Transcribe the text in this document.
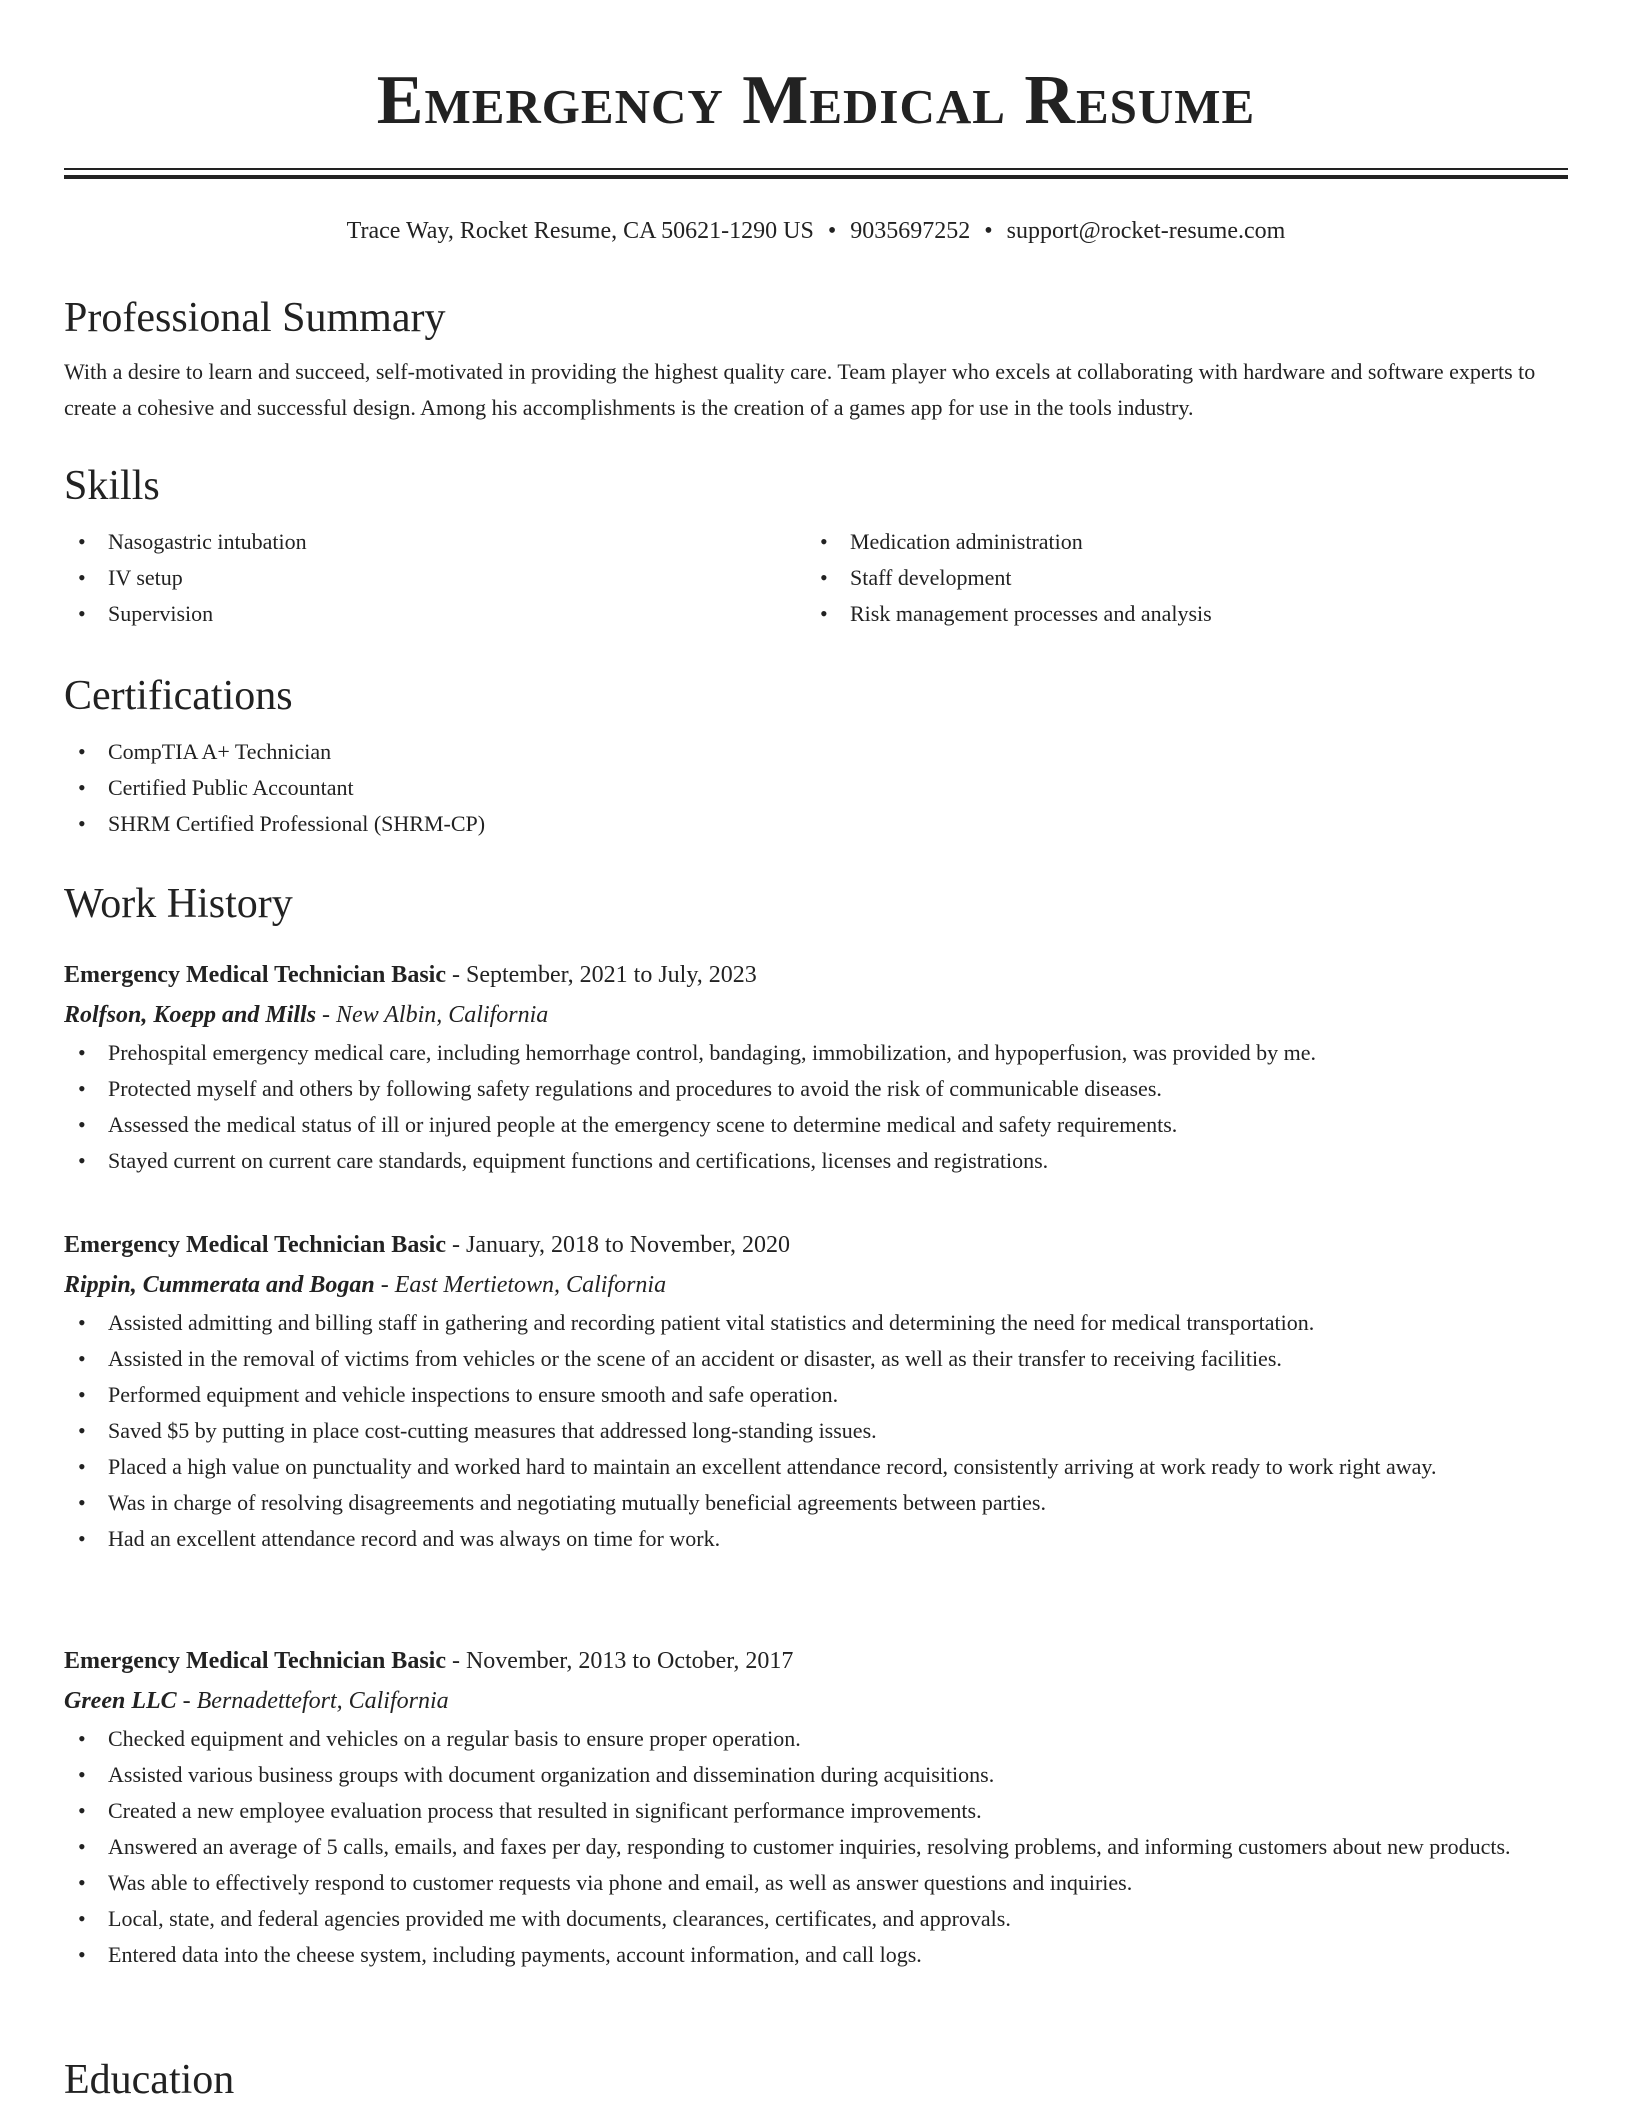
Emergency Medical Resume
Trace Way, Rocket Resume, CA 50621-1290 US • 9035697252 • support@rocket-resume.com
Professional Summary

With a desire to learn and succeed, self-motivated in providing the highest quality care. Team player who excels at collaborating with hardware and software experts to create a cohesive and successful design. Among his accomplishments is the creation of a games app for use in the tools industry.

Skills
• Nasogastric intubation
• IV setup
• Supervision
• Medication administration
• Staff development
• Risk management processes and analysis
Certifications
• CompTIA A+ Technician
• Certified Public Accountant
• SHRM Certified Professional (SHRM-CP)
Work History
Emergency Medical Technician Basic - September, 2021 to July, 2023
Rolfson, Koepp and Mills - New Albin, California
• Prehospital emergency medical care, including hemorrhage control, bandaging, immobilization, and hypoperfusion, was provided by me.
• Protected myself and others by following safety regulations and procedures to avoid the risk of communicable diseases.
• Assessed the medical status of ill or injured people at the emergency scene to determine medical and safety requirements.
• Stayed current on current care standards, equipment functions and certifications, licenses and registrations.
Emergency Medical Technician Basic - January, 2018 to November, 2020
Rippin, Cummerata and Bogan - East Mertietown, California
• Assisted admitting and billing staff in gathering and recording patient vital statistics and determining the need for medical transportation.
• Assisted in the removal of victims from vehicles or the scene of an accident or disaster, as well as their transfer to receiving facilities.
• Performed equipment and vehicle inspections to ensure smooth and safe operation.
• Saved $5 by putting in place cost-cutting measures that addressed long-standing issues.
• Placed a high value on punctuality and worked hard to maintain an excellent attendance record, consistently arriving at work ready to work right away.
• Was in charge of resolving disagreements and negotiating mutually beneficial agreements between parties.
• Had an excellent attendance record and was always on time for work.
Emergency Medical Technician Basic - November, 2013 to October, 2017
Green LLC - Bernadettefort, California
• Checked equipment and vehicles on a regular basis to ensure proper operation.
• Assisted various business groups with document organization and dissemination during acquisitions.
• Created a new employee evaluation process that resulted in significant performance improvements.
• Answered an average of 5 calls, emails, and faxes per day, responding to customer inquiries, resolving problems, and informing customers about new products.
• Was able to effectively respond to customer requests via phone and email, as well as answer questions and inquiries.
• Local, state, and federal agencies provided me with documents, clearances, certificates, and approvals.
• Entered data into the cheese system, including payments, account information, and call logs.
Education
